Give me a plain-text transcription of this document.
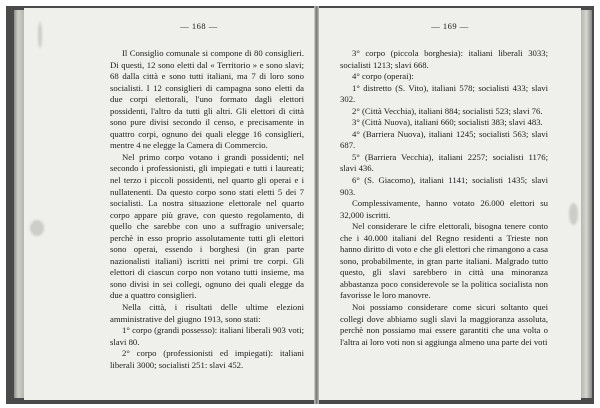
— 168 —

Il Consiglio comunale si compone di 80 consiglieri. Di questi, 12 sono eletti dal « Territorio » e sono slavi; 68 dalla città e sono tutti italiani, ma 7 di loro sono socialisti. I 12 consiglieri di campagna sono eletti da due corpi elettorali, l'uno formato dagli elettori possidenti, l'altro da tutti gli altri. Gli elettori di città sono pure divisi secondo il censo, e precisamente in quattro corpi, ognuno dei quali elegge 16 consiglieri, mentre 4 ne elegge la Camera di Commercio.

Nel primo corpo votano i grandi possidenti; nel secondo i professionisti, gli impiegati e tutti i laureati; nel terzo i piccoli possidenti, nel quarto gli operai e i nullatenenti. Da questo corpo sono stati eletti 5 dei 7 socialisti. La nostra situazione elettorale nel quarto corpo appare più grave, con questo regolamento, di quello che sarebbe con uno a suffragio universale; perchè in esso proprio assolutamente tutti gli elettori sono operai, essendo i borghesi (in gran parte nazionalisti italiani) iscritti nei primi tre corpi. Gli elettori di ciascun corpo non votano tutti insieme, ma sono divisi in sei collegi, ognuno dei quali elegge da due a quattro consiglieri.

Nella città, i risultati delle ultime elezioni amministrative del giugno 1913, sono stati:

1° corpo (grandi possesso): italiani liberali 903 voti; slavi 80.

2° corpo (professionisti ed impiegati): italiani liberali 3000; socialisti 251: slavi 452.

— 169 —

3° corpo (piccola borghesia): italiani liberali 3033; socialisti 1213; slavi 668.

4° corpo (operai):

1° distretto (S. Vito), italiani 578; socialisti 433; slavi 302.

2° (Città Vecchia), italiani 884; socialisti 523; slavi 76.

3° (Città Nuova), italiani 660; socialisti 383; slavi 483.

4° (Barriera Nuova), italiani 1245; socialisti 563; slavi 687.

5° (Barriera Vecchia), italiani 2257; socialisti 1176; slavi 436.

6° (S. Giacomo), italiani 1141; socialisti 1435; slavi 903.

Complessivamente, hanno votato 26.000 elettori su 32,000 iscritti.

Nel considerare le cifre elettorali, bisogna tenere conto che i 40.000 italiani del Regno residenti a Trieste non hanno diritto di voto e che gli elettori che rimangono a casa sono, probabilmente, in gran parte italiani. Malgrado tutto questo, gli slavi sarebbero in città una minoranza abbastanza poco considerevole se la politica socialista non favorisse le loro manovre.

Noi possiamo considerare come sicuri soltanto quei collegi dove abbiamo sugli slavi la maggioranza assoluta, perchè non possiamo mai essere garantiti che una volta o l'altra ai loro voti non si aggiunga almeno una parte dei voti
